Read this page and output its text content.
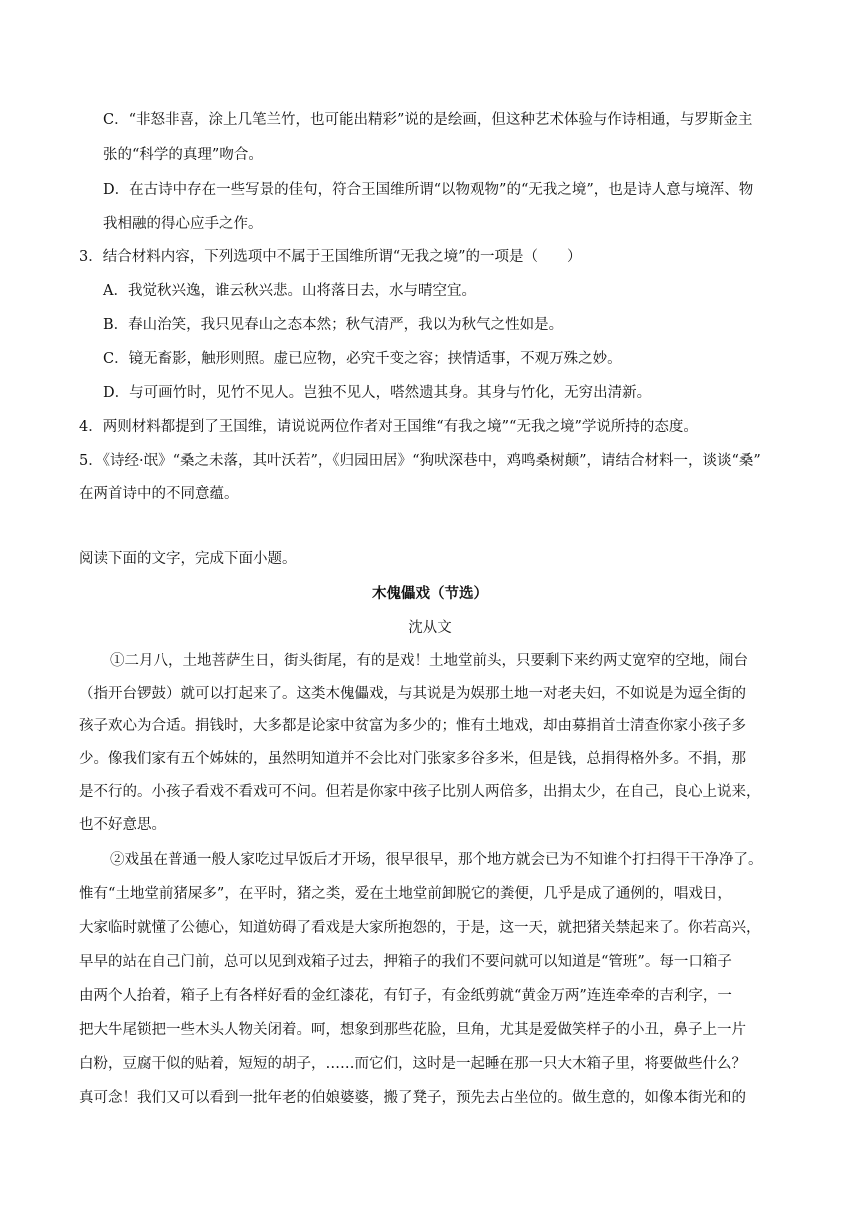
C．“非怒非喜，涂上几笔兰竹，也可能出精彩”说的是绘画，但这种艺术体验与作诗相通，与罗斯金主
张的“科学的真理”吻合。
D．在古诗中存在一些写景的佳句，符合王国维所谓“以物观物”的“无我之境”，也是诗人意与境浑、物
我相融的得心应手之作。
3．结合材料内容，下列选项中不属于王国维所谓“无我之境”的一项是（　　）
A．我觉秋兴逸，谁云秋兴悲。山将落日去，水与晴空宜。
B．春山治笑，我只见春山之态本然；秋气清严，我以为秋气之性如是。
C．镜无畜影，触形则照。虚已应物，必究千变之容；挟情适事，不观万殊之妙。
D．与可画竹时，见竹不见人。岂独不见人，嗒然遗其身。其身与竹化，无穷出清新。
4．两则材料都提到了王国维，请说说两位作者对王国维“有我之境”“无我之境”学说所持的态度。
5．《诗经·氓》“桑之未落，其叶沃若”，《归园田居》“狗吠深巷中，鸡鸣桑树颠”，请结合材料一，谈谈“桑”
在两首诗中的不同意蕴。
阅读下面的文字，完成下面小题。
木傀儡戏（节选）
沈从文
①二月八，土地菩萨生日，街头街尾，有的是戏！土地堂前头，只要剩下来约两丈宽窄的空地，闹台
（指开台锣鼓）就可以打起来了。这类木傀儡戏，与其说是为娱那土地一对老夫妇，不如说是为逗全街的
孩子欢心为合适。捐钱时，大多都是论家中贫富为多少的；惟有土地戏，却由募捐首士清查你家小孩子多
少。像我们家有五个姊妹的，虽然明知道并不会比对门张家多谷多米，但是钱，总捐得格外多。不捐，那
是不行的。小孩子看戏不看戏可不问。但若是你家中孩子比别人两倍多，出捐太少，在自己，良心上说来，
也不好意思。
②戏虽在普通一般人家吃过早饭后才开场，很早很早，那个地方就会已为不知谁个打扫得干干净净了。
惟有“土地堂前猪屎多”，在平时，猪之类，爱在土地堂前卸脱它的粪便，几乎是成了通例的，唱戏日，
大家临时就懂了公德心，知道妨碍了看戏是大家所抱怨的，于是，这一天，就把猪关禁起来了。你若高兴，
早早的站在自己门前，总可以见到戏箱子过去，押箱子的我们不要问就可以知道是“管班”。每一口箱子
由两个人抬着，箱子上有各样好看的金红漆花，有钉子，有金纸剪就“黄金万两”连连牵牵的吉利字，一
把大牛尾锁把一些木头人物关闭着。呵，想象到那些花脸，旦角，尤其是爱做笑样子的小丑，鼻子上一片
白粉，豆腐干似的贴着，短短的胡子，……而它们，这时是一起睡在那一只大木箱子里，将要做些什么？
真可念！我们又可以看到一批年老的伯娘婆婆，搬了凳子，预先去占坐位的。做生意的，如像本街光和的
